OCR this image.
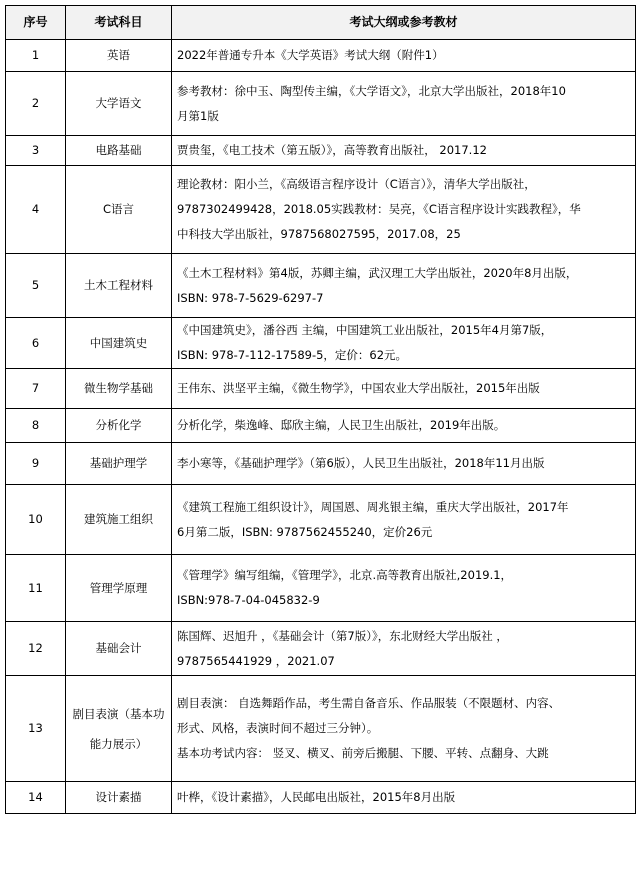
序号	考试科目	考试大纲或参考教材
1	英语	2022年普通专升本《大学英语》考试大纲（附件1）

2	大学语文	参考教材：徐中玉、陶型传主编，《大学语文》，北京大学出版社，2018年10
月第1版

3	电路基础	贾贵玺，《电工技术（第五版）》，高等教育出版社， 2017.12

4	C语言	理论教材：阳小兰，《高级语言程序设计（C语言）》，清华大学出版社，
9787302499428，2018.05实践教材：吴亮，《C语言程序设计实践教程》，华
中科技大学出版社，9787568027595，2017.08，25

5	土木工程材料	《土木工程材料》第4版，苏卿主编，武汉理工大学出版社，2020年8月出版，
ISBN: 978-7-5629-6297-7

6	中国建筑史	《中国建筑史》，潘谷西 主编，中国建筑工业出版社，2015年4月第7版，
ISBN: 978-7-112-17589-5，定价：62元。

7	微生物学基础	王伟东、洪坚平主编，《微生物学》，中国农业大学出版社，2015年出版

8	分析化学	分析化学，柴逸峰、邸欣主编，人民卫生出版社，2019年出版。

9	基础护理学	李小寒等，《基础护理学》（第6版），人民卫生出版社，2018年11月出版

10	建筑施工组织	《建筑工程施工组织设计》，周国恩、周兆银主编，重庆大学出版社，2017年
6月第二版，ISBN: 9787562455240，定价26元

11	管理学原理	《管理学》编写组编，《管理学》，北京.高等教育出版社,2019.1，
ISBN:978-7-04-045832-9

12	基础会计	陈国辉、迟旭升 ，《基础会计（第7版）》，东北财经大学出版社 ，
9787565441929 ，2021.07

13	剧目表演（基本功能力展示）	剧目表演： 自选舞蹈作品，考生需自备音乐、作品服装（不限题材、内容、
形式、风格，表演时间不超过三分钟）。
基本功考试内容： 竖叉、横叉、前旁后搬腿、下腰、平转、点翻身、大跳

14	设计素描	叶桦，《设计素描》，人民邮电出版社，2015年8月出版
